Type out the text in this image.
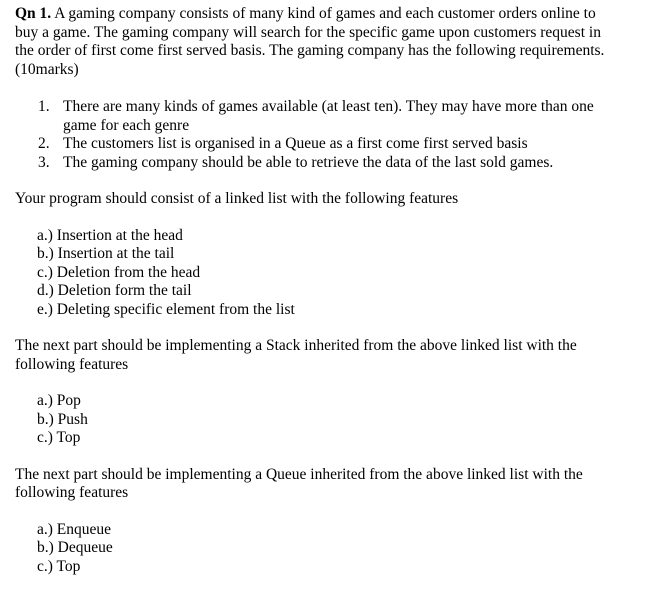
Qn 1. A gaming company consists of many kind of games and each customer orders online to buy a game. The gaming company will search for the specific game upon customers request in the order of first come first served basis. The gaming company has the following requirements. (10marks)

1. There are many kinds of games available (at least ten). They may have more than one game for each genre
2. The customers list is organised in a Queue as a first come first served basis
3. The gaming company should be able to retrieve the data of the last sold games.

Your program should consist of a linked list with the following features

a.) Insertion at the head
b.) Insertion at the tail
c.) Deletion from the head
d.) Deletion form the tail
e.) Deleting specific element from the list

The next part should be implementing a Stack inherited from the above linked list with the following features

a.) Pop
b.) Push
c.) Top

The next part should be implementing a Queue inherited from the above linked list with the following features

a.) Enqueue
b.) Dequeue
c.) Top
